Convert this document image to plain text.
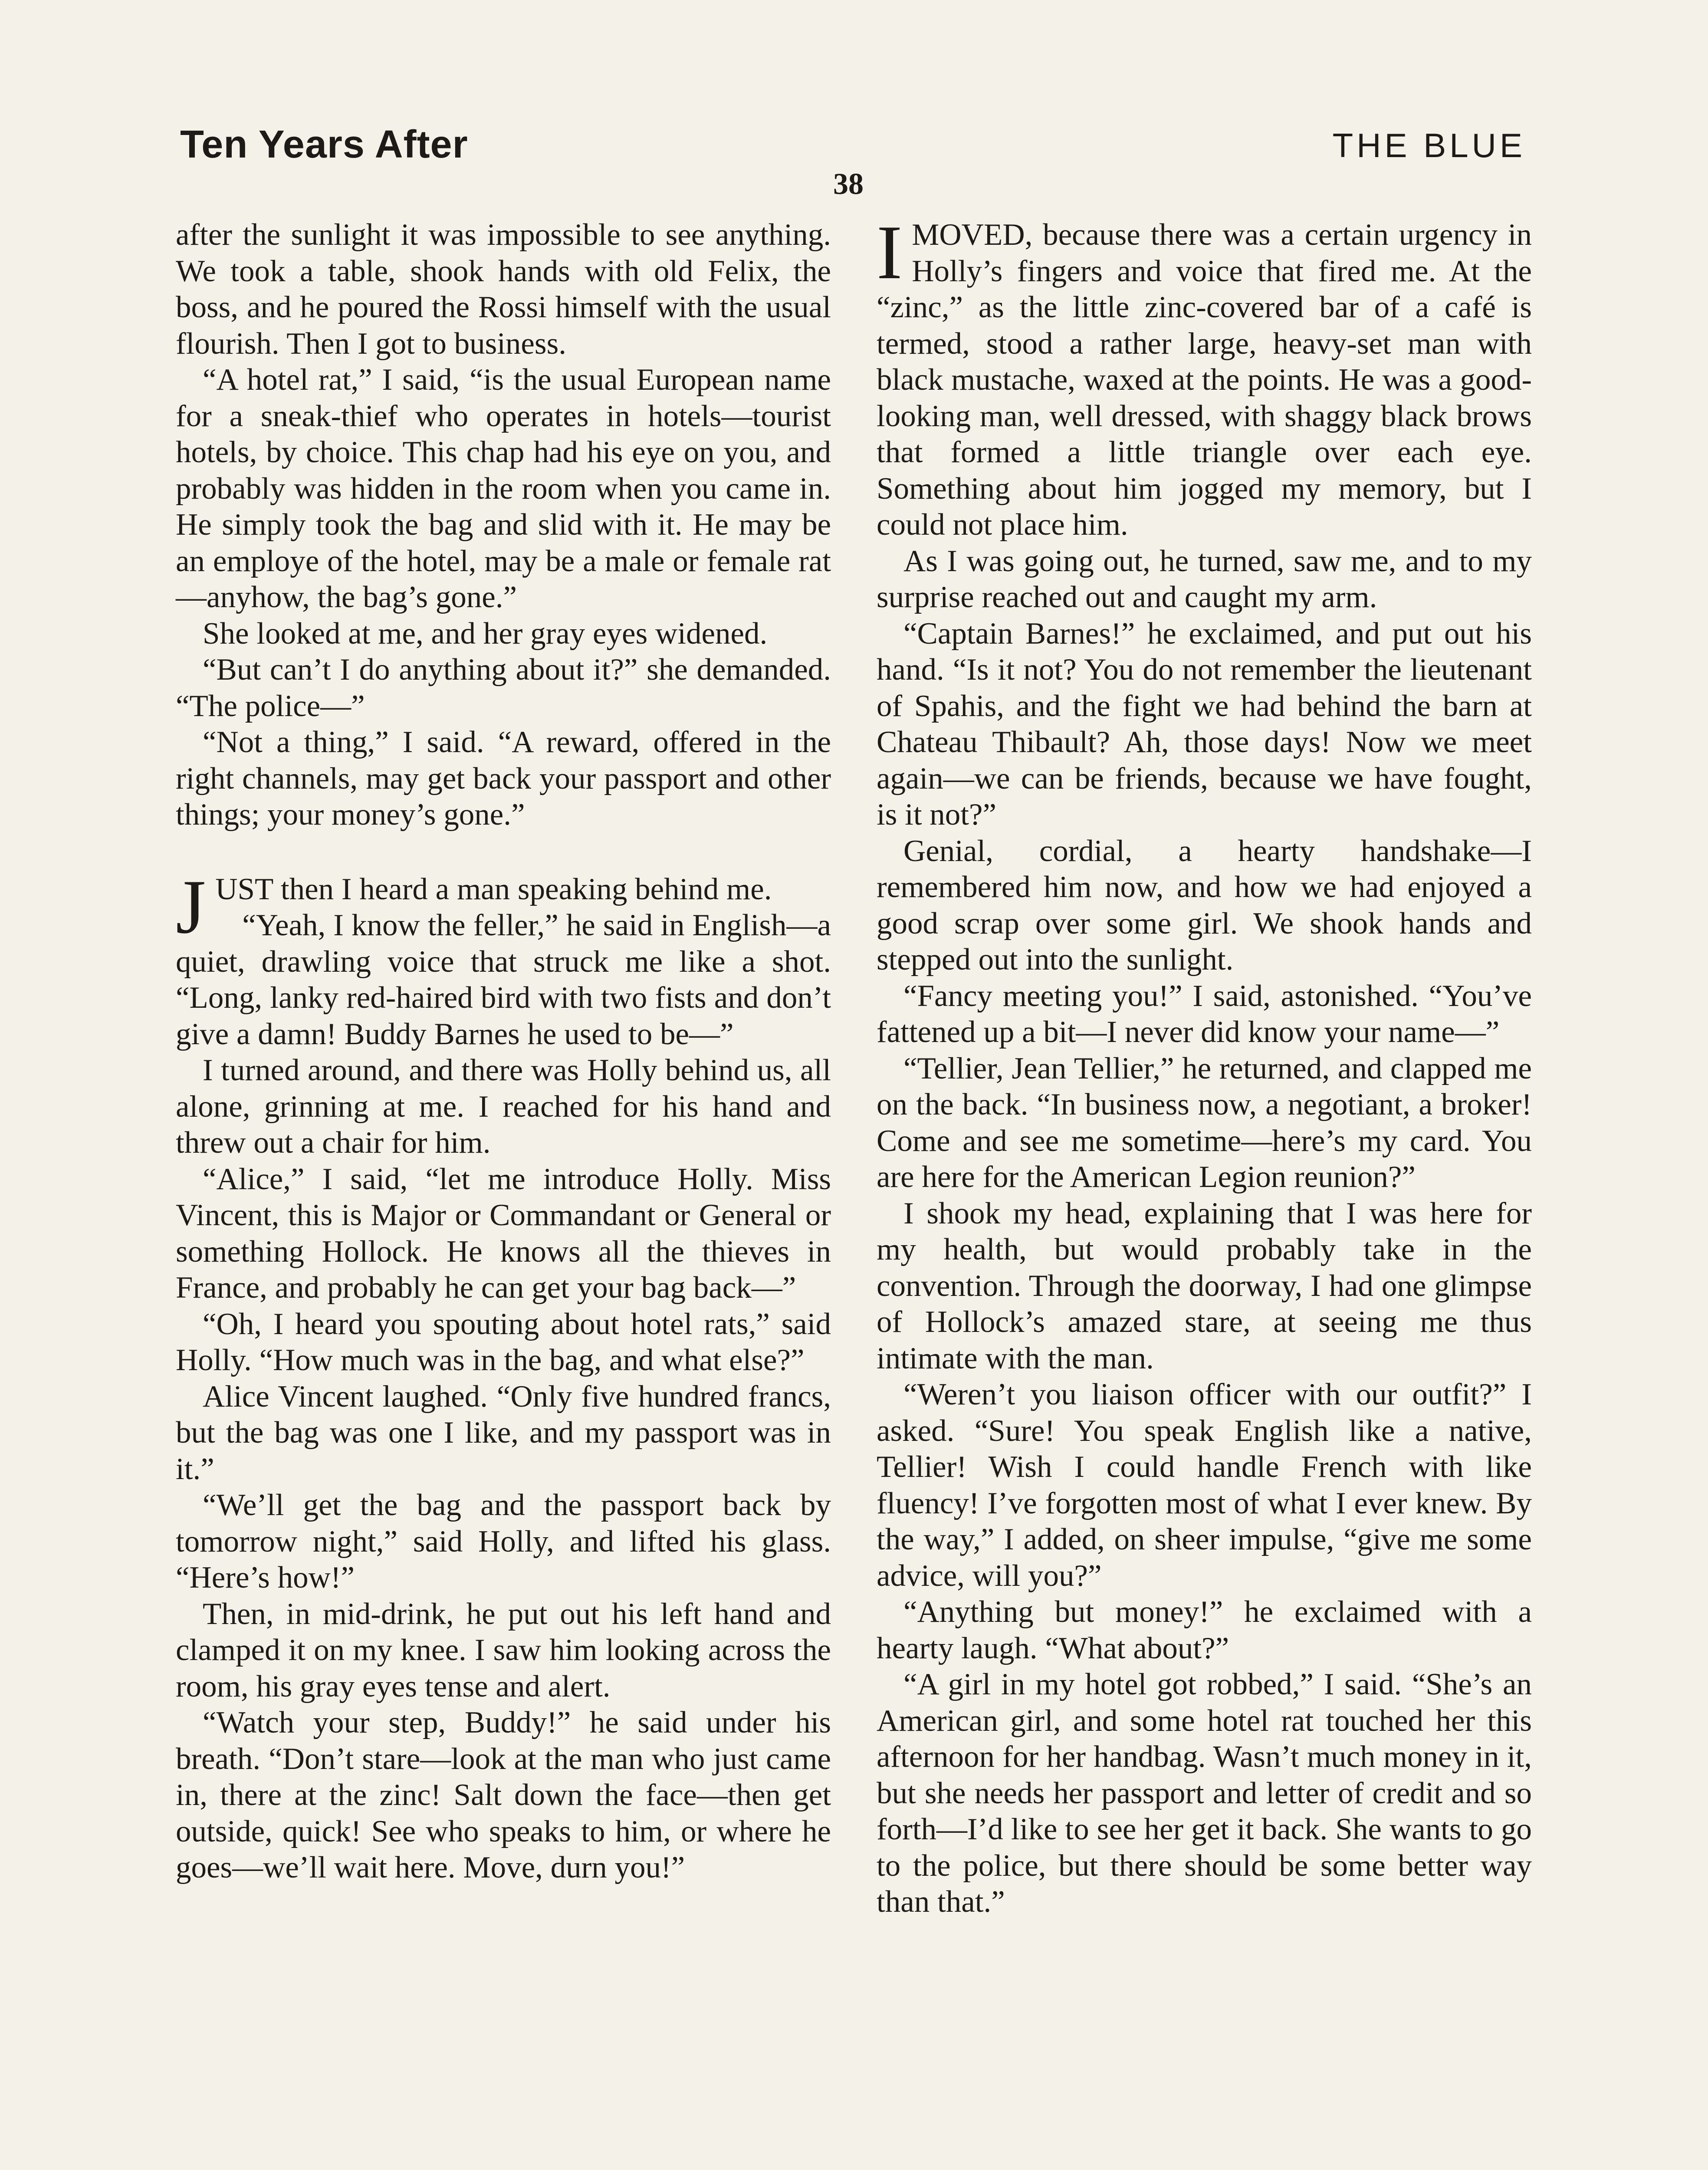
Ten Years After	THE BLUE
38

after the sunlight it was impossible to see anything. We took a table, shook hands with old Felix, the boss, and he poured the Rossi himself with the usual flourish. Then I got to business.

“A hotel rat,” I said, “is the usual European name for a sneak-thief who operates in hotels—tourist hotels, by choice. This chap had his eye on you, and probably was hidden in the room when you came in. He simply took the bag and slid with it. He may be an employe of the hotel, may be a male or female rat—anyhow, the bag’s gone.”

She looked at me, and her gray eyes widened.

“But can’t I do anything about it?” she demanded. “The police—”

“Not a thing,” I said. “A reward, offered in the right channels, may get back your passport and other things; your money’s gone.”

JUST then I heard a man speaking behind me.

“Yeah, I know the feller,” he said in English—a quiet, drawling voice that struck me like a shot. “Long, lanky red-haired bird with two fists and don’t give a damn! Buddy Barnes he used to be—”

I turned around, and there was Holly behind us, all alone, grinning at me. I reached for his hand and threw out a chair for him.

“Alice,” I said, “let me introduce Holly. Miss Vincent, this is Major or Commandant or General or something Hollock. He knows all the thieves in France, and probably he can get your bag back—”

“Oh, I heard you spouting about hotel rats,” said Holly. “How much was in the bag, and what else?”

Alice Vincent laughed. “Only five hundred francs, but the bag was one I like, and my passport was in it.”

“We’ll get the bag and the passport back by tomorrow night,” said Holly, and lifted his glass. “Here’s how!”

Then, in mid-drink, he put out his left hand and clamped it on my knee. I saw him looking across the room, his gray eyes tense and alert.

“Watch your step, Buddy!” he said under his breath. “Don’t stare—look at the man who just came in, there at the zinc! Salt down the face—then get outside, quick! See who speaks to him, or where he goes—we’ll wait here. Move, durn you!”

IMOVED, because there was a certain urgency in Holly’s fingers and voice that fired me. At the “zinc,” as the little zinc-covered bar of a café is termed, stood a rather large, heavy-set man with black mustache, waxed at the points. He was a good-looking man, well dressed, with shaggy black brows that formed a little triangle over each eye. Something about him jogged my memory, but I could not place him.

As I was going out, he turned, saw me, and to my surprise reached out and caught my arm.

“Captain Barnes!” he exclaimed, and put out his hand. “Is it not? You do not remember the lieutenant of Spahis, and the fight we had behind the barn at Chateau Thibault? Ah, those days! Now we meet again—we can be friends, because we have fought, is it not?”

Genial, cordial, a hearty handshake—I remembered him now, and how we had enjoyed a good scrap over some girl. We shook hands and stepped out into the sunlight.

“Fancy meeting you!” I said, astonished. “You’ve fattened up a bit—I never did know your name—”

“Tellier, Jean Tellier,” he returned, and clapped me on the back. “In business now, a negotiant, a broker! Come and see me sometime—here’s my card. You are here for the American Legion reunion?”

I shook my head, explaining that I was here for my health, but would probably take in the convention. Through the doorway, I had one glimpse of Hollock’s amazed stare, at seeing me thus intimate with the man.

“Weren’t you liaison officer with our outfit?” I asked. “Sure! You speak English like a native, Tellier! Wish I could handle French with like fluency! I’ve forgotten most of what I ever knew. By the way,” I added, on sheer impulse, “give me some advice, will you?”

“Anything but money!” he exclaimed with a hearty laugh. “What about?”

“A girl in my hotel got robbed,” I said. “She’s an American girl, and some hotel rat touched her this afternoon for her handbag. Wasn’t much money in it, but she needs her passport and letter of credit and so forth—I’d like to see her get it back. She wants to go to the police, but there should be some better way than that.”
